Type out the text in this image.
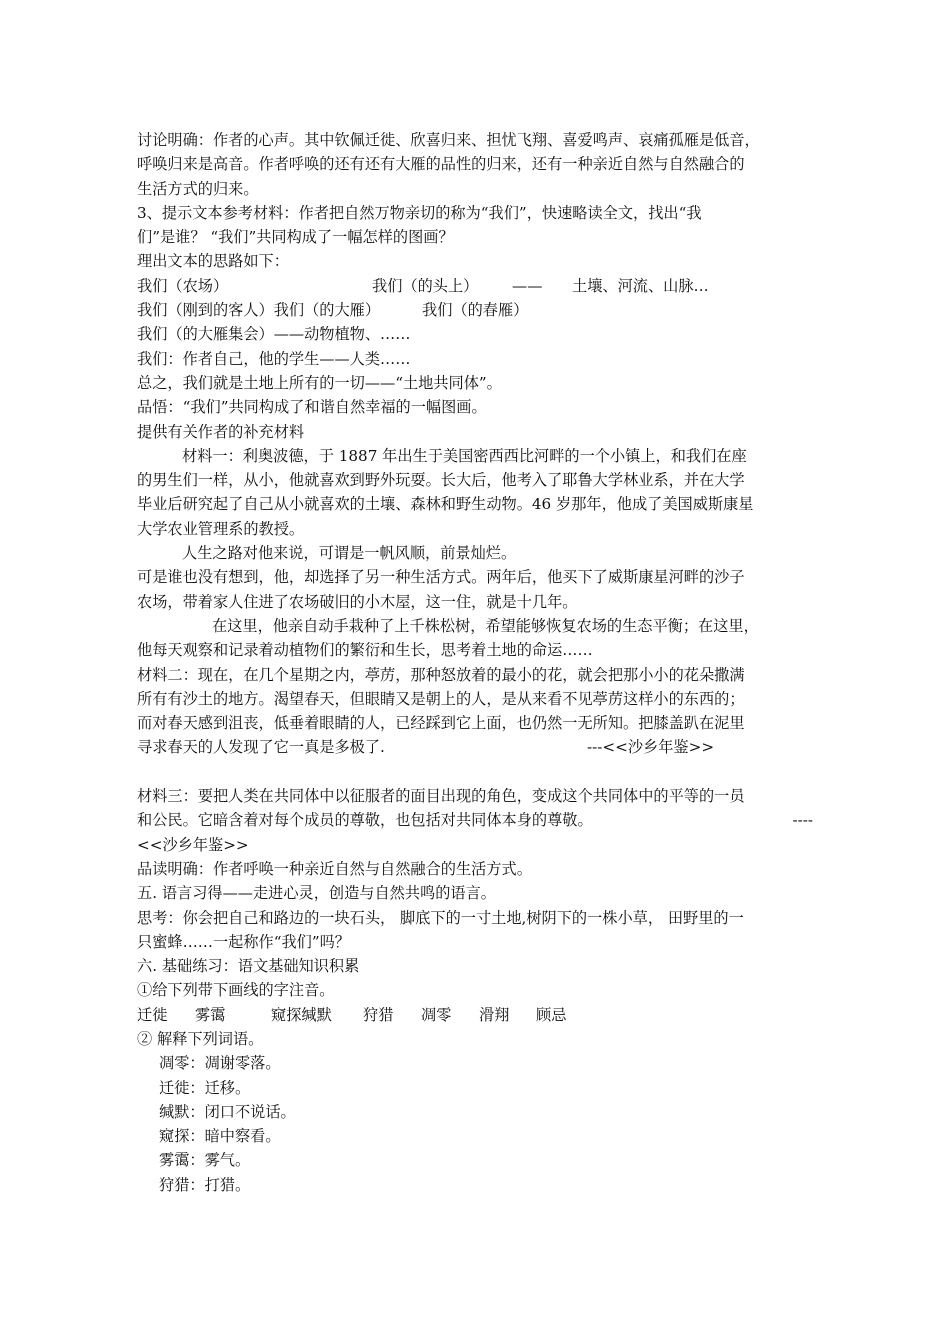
讨论明确：作者的心声。其中钦佩迁徙、欣喜归来、担忧飞翔、喜爱鸣声、哀痛孤雁是低音，
呼唤归来是高音。作者呼唤的还有还有大雁的品性的归来，还有一种亲近自然与自然融合的
生活方式的归来。
3、提示文本参考材料：作者把自然万物亲切的称为“我们”，快速略读全文，找出“我
们”是谁？ “我们”共同构成了一幅怎样的图画？
理出文本的思路如下：
我们（农场）	我们（的头上）	——	土壤、河流、山脉…
我们（刚到的客人）我们（的大雁）	我们（的春雁）
我们（的大雁集会）——动物植物、……
我们：作者自己，他的学生——人类……
总之，我们就是土地上所有的一切——“土地共同体”。
品悟：“我们”共同构成了和谐自然幸福的一幅图画。
提供有关作者的补充材料
材料一：利奥波德，于 1887 年出生于美国密西西比河畔的一个小镇上，和我们在座
的男生们一样，从小，他就喜欢到野外玩耍。长大后，他考入了耶鲁大学林业系，并在大学
毕业后研究起了自己从小就喜欢的土壤、森林和野生动物。46 岁那年，他成了美国威斯康星
大学农业管理系的教授。
人生之路对他来说，可谓是一帆风顺，前景灿烂。
可是谁也没有想到，他，却选择了另一种生活方式。两年后，他买下了威斯康星河畔的沙子
农场，带着家人住进了农场破旧的小木屋，这一住，就是十几年。
在这里，他亲自动手栽种了上千株松树，希望能够恢复农场的生态平衡；在这里，
他每天观察和记录着动植物们的繁衍和生长，思考着土地的命运……
材料二：现在，在几个星期之内，葶苈，那种怒放着的最小的花，就会把那小小的花朵撒满
所有有沙土的地方。渴望春天，但眼睛又是朝上的人，是从来看不见葶苈这样小的东西的；
而对春天感到沮丧，低垂着眼睛的人，已经踩到它上面，也仍然一无所知。把膝盖趴在泥里
寻求春天的人发现了它一真是多极了.	---<<沙乡年鉴>>
材料三：要把人类在共同体中以征服者的面目出现的角色，变成这个共同体中的平等的一员
和公民。它暗含着对每个成员的尊敬，也包括对共同体本身的尊敬。	----
<<沙乡年鉴>>
品读明确：作者呼唤一种亲近自然与自然融合的生活方式。
五. 语言习得——走进心灵，创造与自然共鸣的语言。
思考：你会把自己和路边的一块石头， 脚底下的一寸土地,树阴下的一株小草， 田野里的一
只蜜蜂……一起称作“我们”吗？
六. 基础练习：语文基础知识积累
①给下列带下画线的字注音。
迁徙	雾霭	窥探缄默	狩猎	凋零	滑翔	顾忌
② 解释下列词语。
凋零：凋谢零落。
迁徙：迁移。
缄默：闭口不说话。
窥探：暗中察看。
雾霭：雾气。
狩猎：打猎。
